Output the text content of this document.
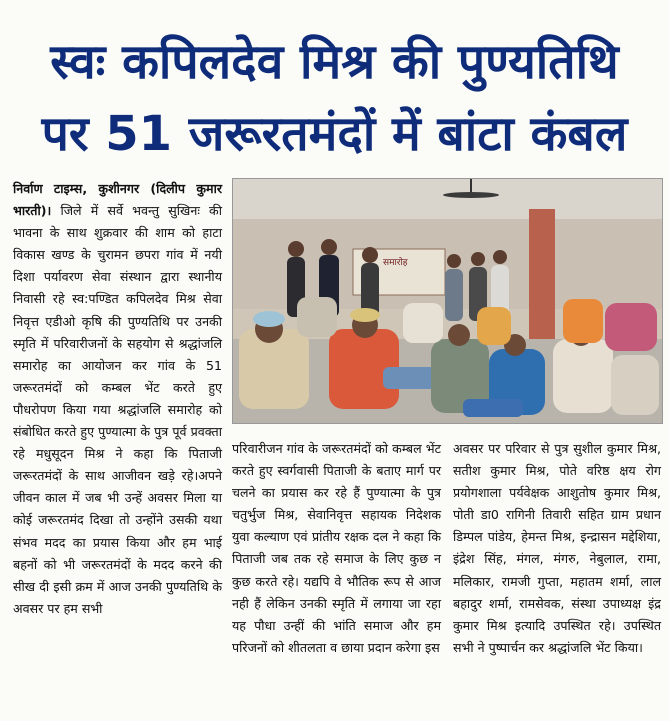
स्वः कपिलदेव मिश्र की पुण्यतिथि
पर 51 जरूरतमंदों में बांटा कंबल

निर्वाण टाइम्स, कुशीनगर (दिलीप कुमार भारती)। जिले में सर्वे भवन्तु सुखिनः की भावना के साथ शुक्रवार की शाम को हाटा विकास खण्ड के चुरामन छपरा गांव में नयी दिशा पर्यावरण सेवा संस्थान द्वारा स्थानीय निवासी रहे स्व:पण्डित कपिलदेव मिश्र सेवा निवृत्त एडीओ कृषि की पुण्यतिथि पर उनकी स्मृति में परिवारीजनों के सहयोग से श्रद्धांजलि समारोह का आयोजन कर गांव के 51 जरूरतमंदों को कम्बल भेंट करते हुए पौधरोपण किया गया श्रद्धांजलि समारोह को संबोधित करते हुए पुण्यात्मा के पुत्र पूर्व प्रवक्ता रहे मधुसूदन मिश्र ने कहा कि पिताजी जरूरतमंदों के साथ आजीवन खड़े रहे।अपने जीवन काल में जब भी उन्हें अवसर मिला या कोई जरूरतमंद दिखा तो उन्होंने उसकी यथा संभव मदद का प्रयास किया और हम भाई बहनों को भी जरूरतमंदों के मदद करने की सीख दी इसी क्रम में आज उनकी पुण्यतिथि के अवसर पर हम सभी

समारोह

परिवारीजन गांव के जरूरतमंदों को कम्बल भेंट करते हुए स्वर्गवासी पिताजी के बताए मार्ग पर चलने का प्रयास कर रहे हैं पुण्यात्मा के पुत्र चतुर्भुज मिश्र, सेवानिवृत्त सहायक निदेशक युवा कल्याण एवं प्रांतीय रक्षक दल ने कहा कि पिताजी जब तक रहे समाज के लिए कुछ न कुछ करते रहे। यद्यपि वे भौतिक रूप से आज नही हैं लेकिन उनकी स्मृति में लगाया जा रहा यह पौधा उन्हीं की भांति समाज और हम परिजनों को शीतलता व छाया प्रदान करेगा इस

अवसर पर परिवार से पुत्र सुशील कुमार मिश्र, सतीश कुमार मिश्र, पोते वरिष्ठ क्षय रोग प्रयोगशाला पर्यवेक्षक आशुतोष कुमार मिश्र, पोती डा0 रागिनी तिवारी सहित ग्राम प्रधान डिम्पल पांडेय, हेमन्त मिश्र, इन्द्रासन मद्देशिया, इंद्रेश सिंह, मंगल, मंगरु, नेबुलाल, रामा, मलिकार, रामजी गुप्ता, महातम शर्मा, लाल बहादुर शर्मा, रामसेवक, संस्था उपाध्यक्ष इंद्र कुमार मिश्र इत्यादि उपस्थित रहे। उपस्थित सभी ने पुष्पार्चन कर श्रद्धांजलि भेंट किया।
